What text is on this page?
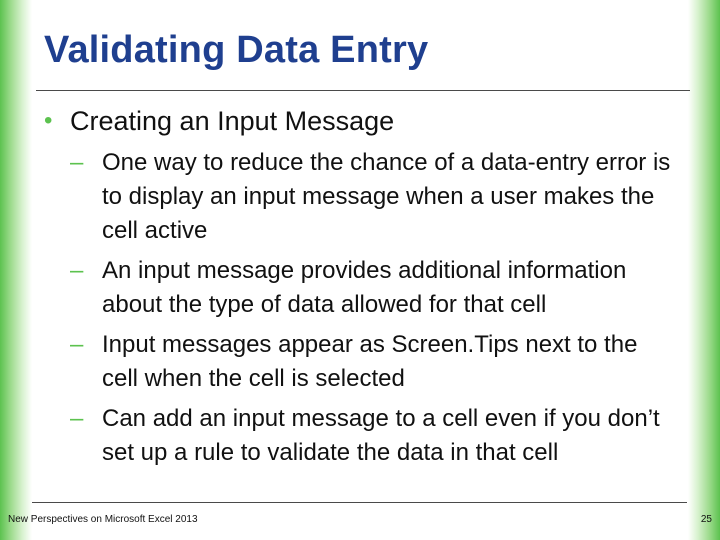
Validating Data Entry
• Creating an Input Message
– One way to reduce the chance of a data-entry error is to display an input message when a user makes the cell active
– An input message provides additional information about the type of data allowed for that cell
– Input messages appear as Screen.Tips next to the cell when the cell is selected
– Can add an input message to a cell even if you don’t set up a rule to validate the data in that cell
New Perspectives on Microsoft Excel 2013	25
